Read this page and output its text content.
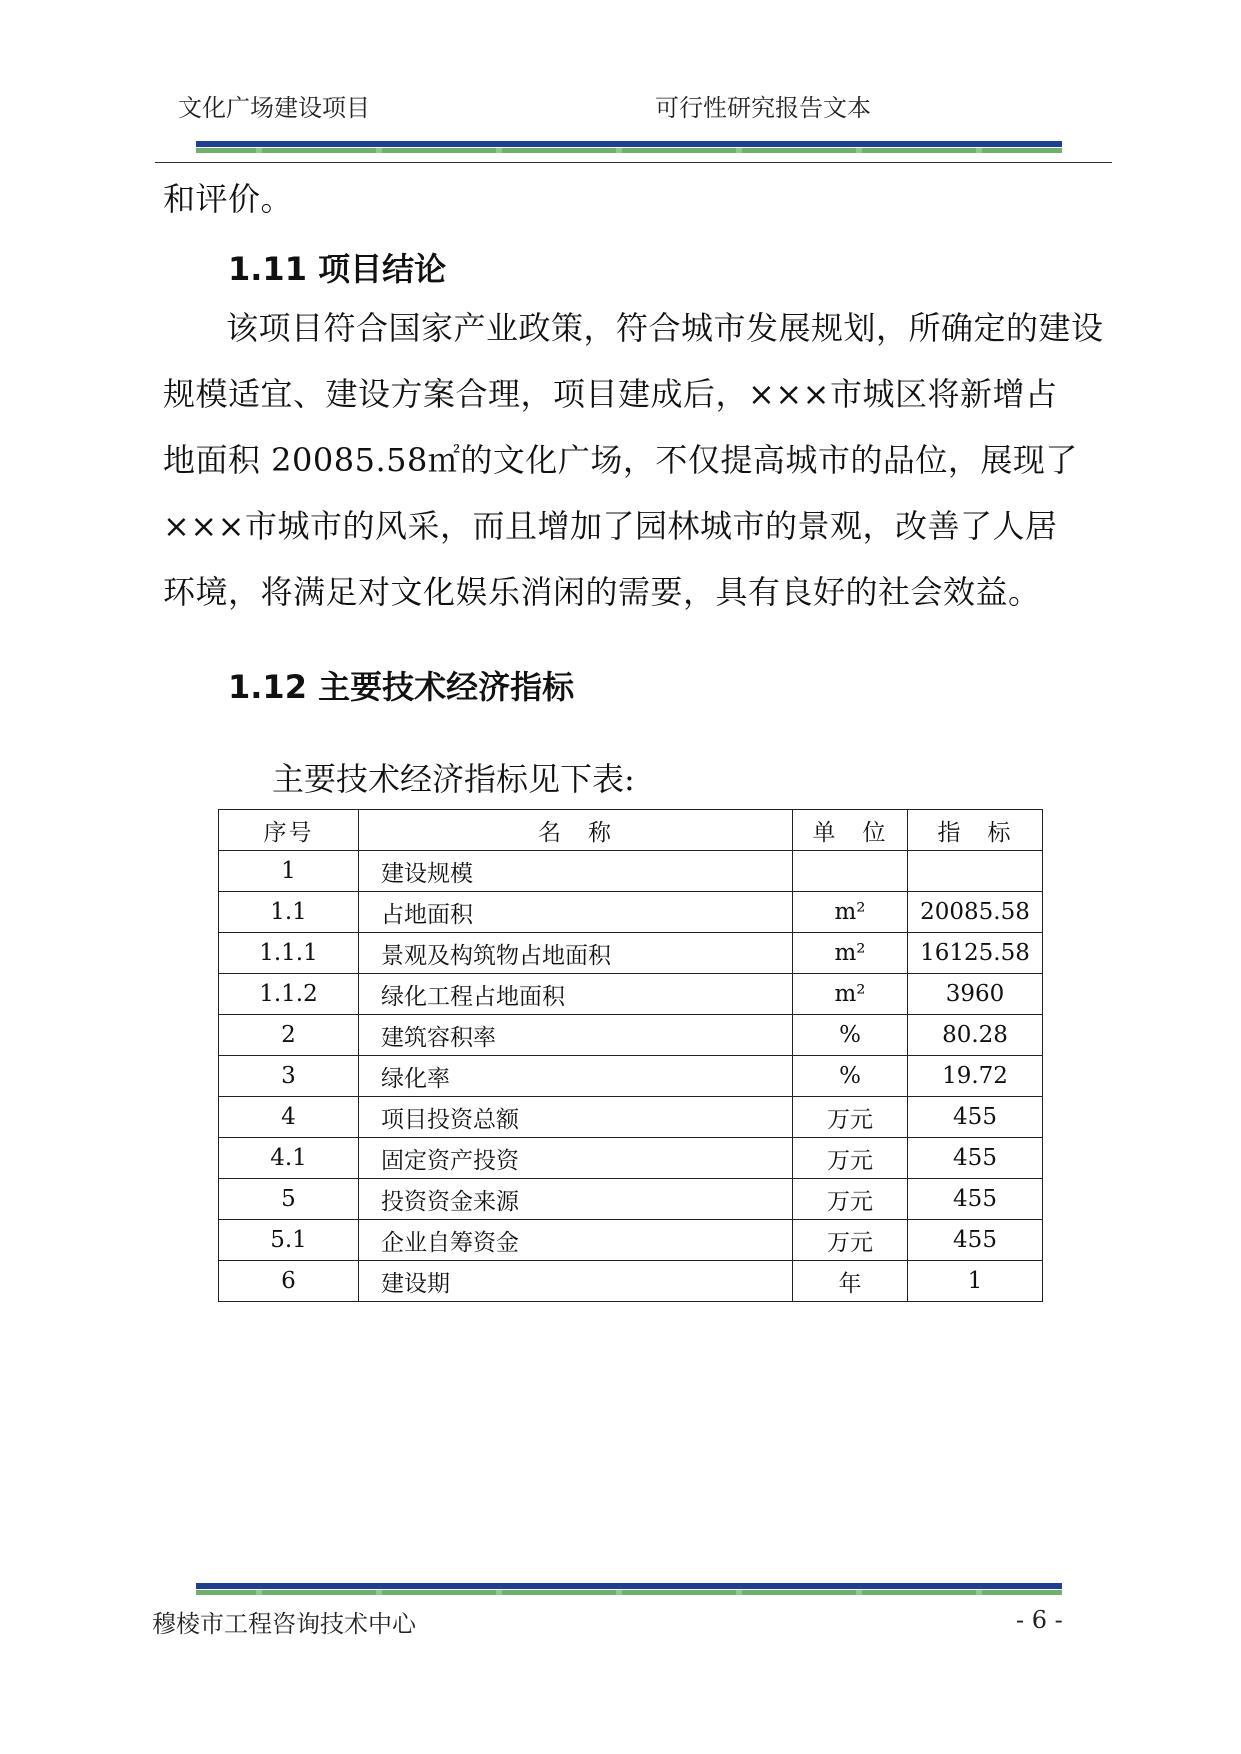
文化广场建设项目	可行性研究报告文本
和评价。
1.11 项目结论
该项目符合国家产业政策，符合城市发展规划，所确定的建设
规模适宜、建设方案合理，项目建成后，×××市城区将新增占
地面积 20085.58㎡的文化广场，不仅提高城市的品位，展现了
×××市城市的风采，而且增加了园林城市的景观，改善了人居
环境，将满足对文化娱乐消闲的需要，具有良好的社会效益。
1.12 主要技术经济指标
主要技术经济指标见下表:
序号	名　称	单　位	指　标
1	建设规模		
1.1	占地面积	m²	20085.58
1.1.1	景观及构筑物占地面积	m²	16125.58
1.1.2	绿化工程占地面积	m²	3960
2	建筑容积率	%	80.28
3	绿化率	%	19.72
4	项目投资总额	万元	455
4.1	固定资产投资	万元	455
5	投资资金来源	万元	455
5.1	企业自筹资金	万元	455
6	建设期	年	1
穆棱市工程咨询技术中心	- 6 -
